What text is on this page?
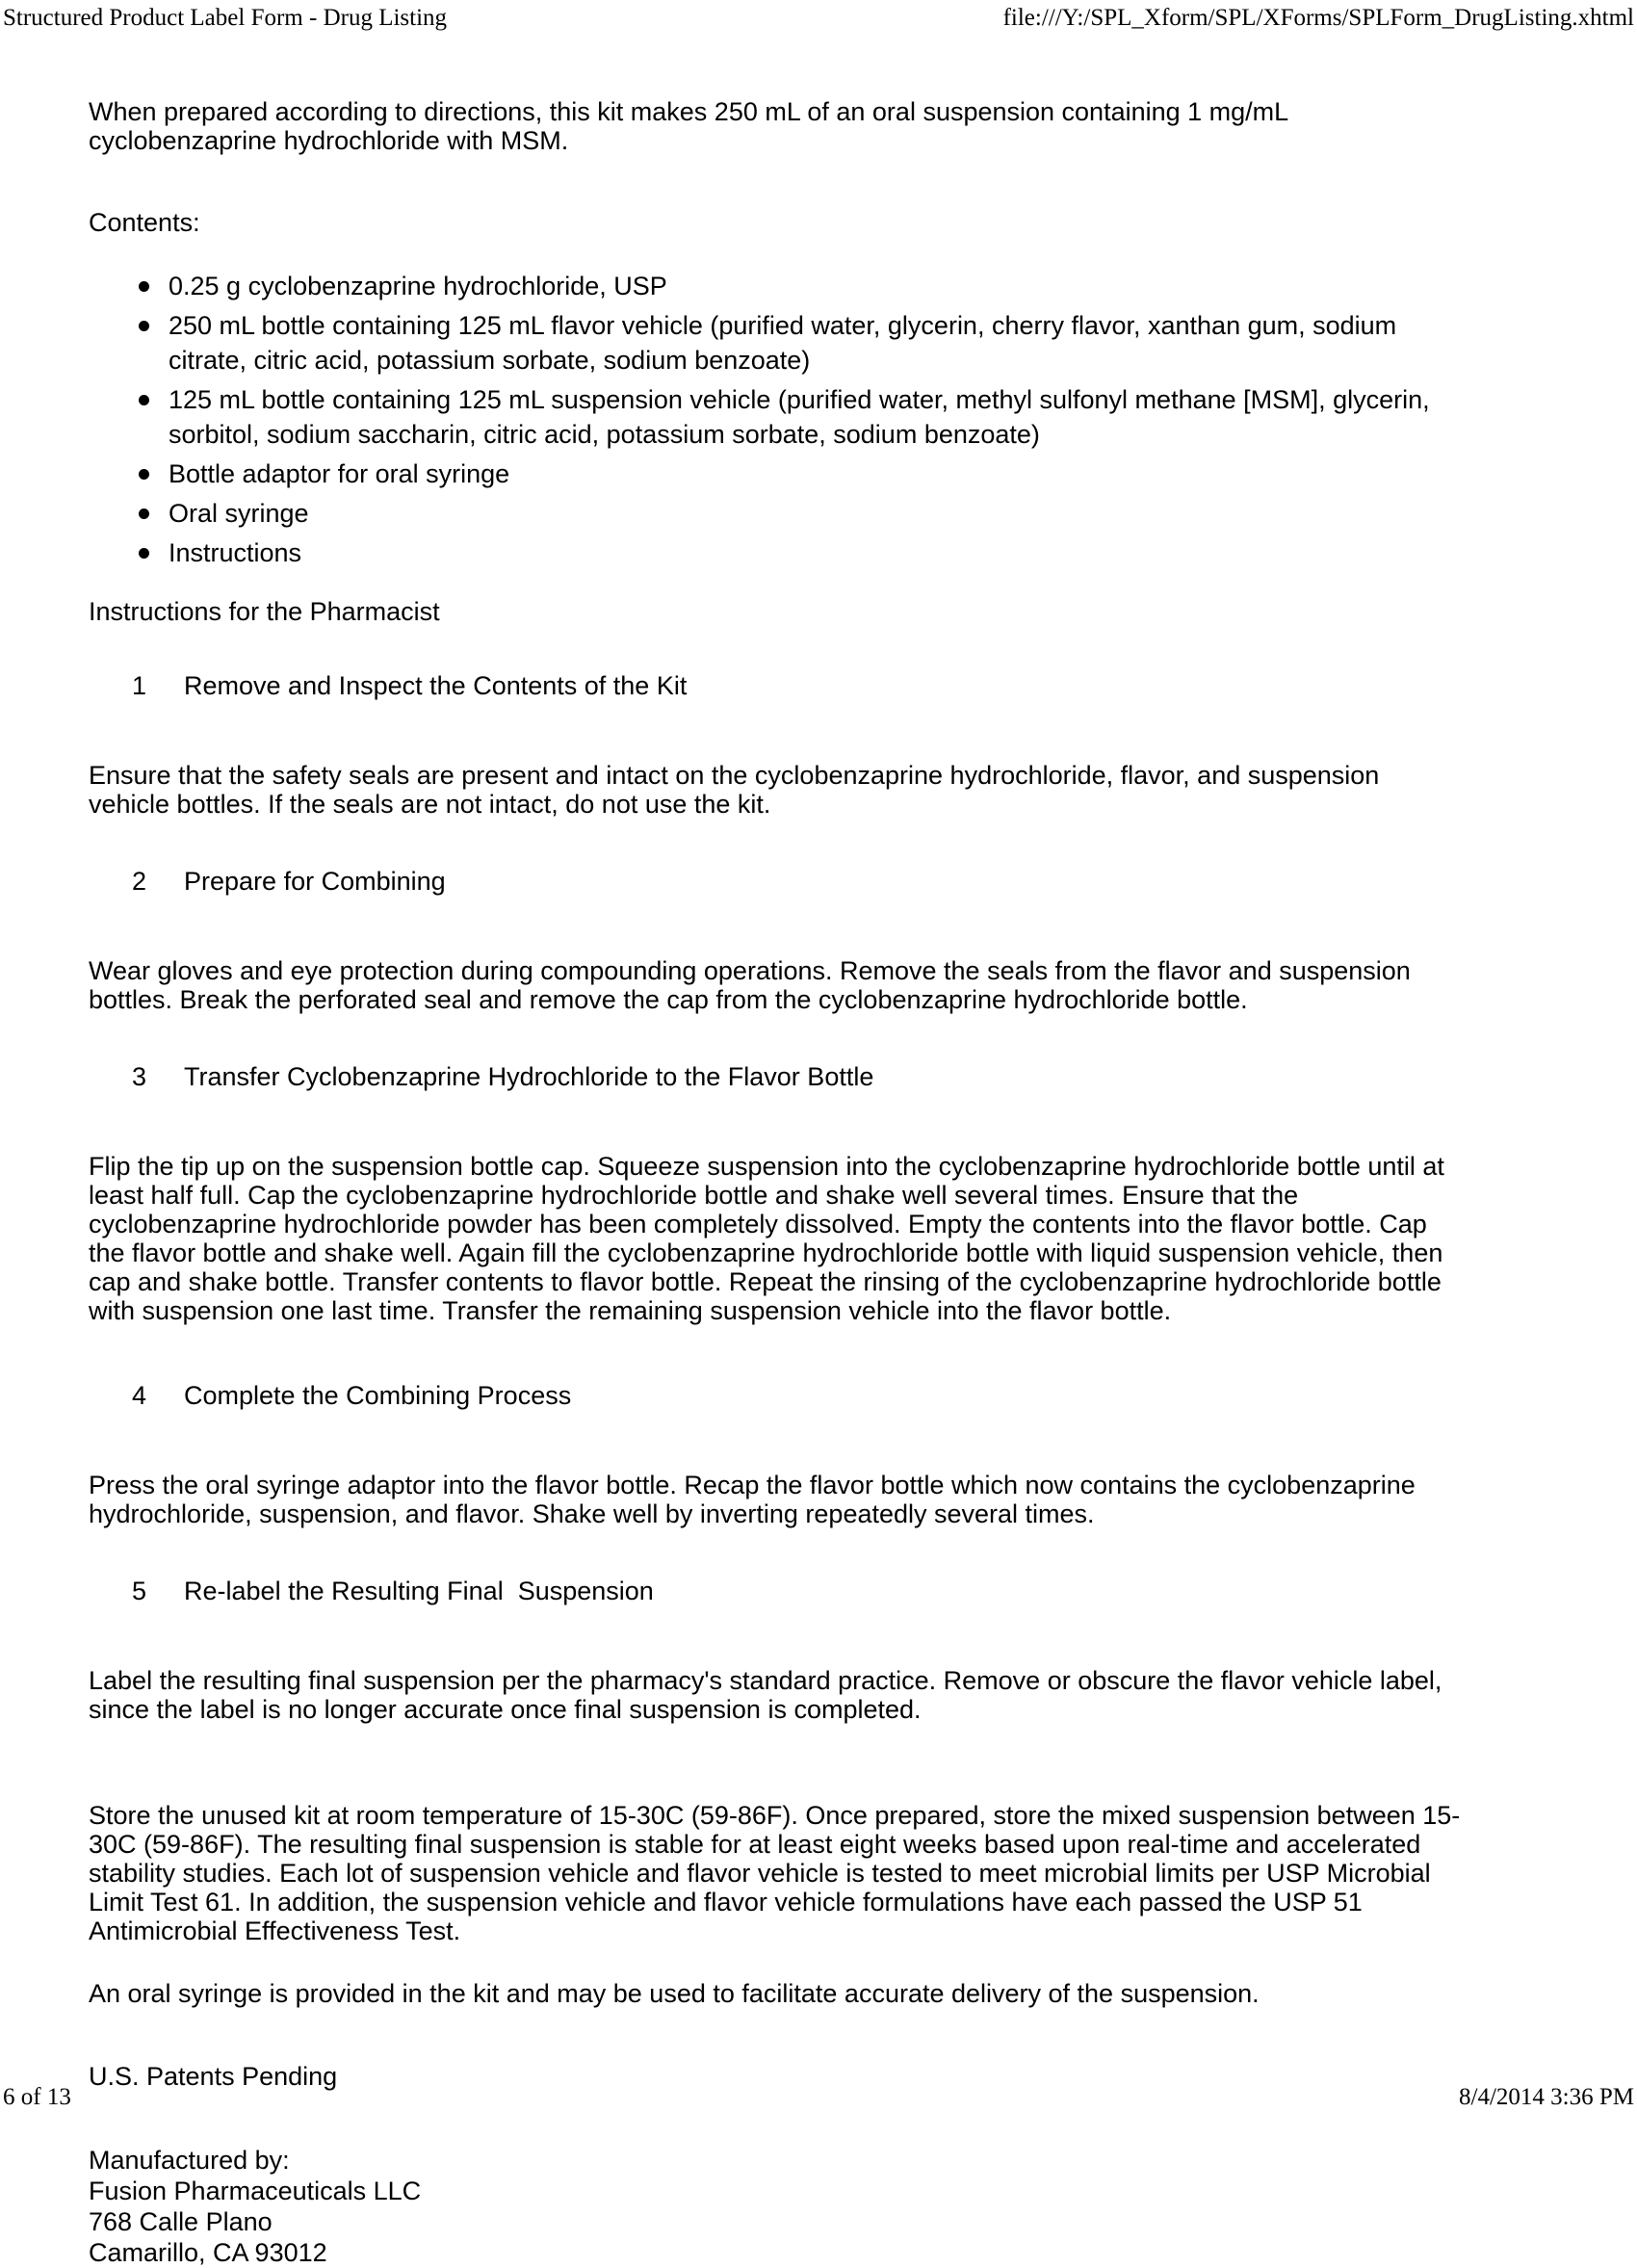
Structured Product Label Form - Drug Listing	file:///Y:/SPL_Xform/SPL/XForms/SPLForm_DrugListing.xhtml

When prepared according to directions, this kit makes 250 mL of an oral suspension containing 1 mg/mL cyclobenzaprine hydrochloride with MSM.

Contents:

0.25 g cyclobenzaprine hydrochloride, USP
250 mL bottle containing 125 mL flavor vehicle (purified water, glycerin, cherry flavor, xanthan gum, sodium citrate, citric acid, potassium sorbate, sodium benzoate)
125 mL bottle containing 125 mL suspension vehicle (purified water, methyl sulfonyl methane [MSM], glycerin, sorbitol, sodium saccharin, citric acid, potassium sorbate, sodium benzoate)
Bottle adaptor for oral syringe
Oral syringe
Instructions

Instructions for the Pharmacist

1 Remove and Inspect the Contents of the Kit

Ensure that the safety seals are present and intact on the cyclobenzaprine hydrochloride, flavor, and suspension vehicle bottles. If the seals are not intact, do not use the kit.

2 Prepare for Combining

Wear gloves and eye protection during compounding operations. Remove the seals from the flavor and suspension bottles. Break the perforated seal and remove the cap from the cyclobenzaprine hydrochloride bottle.

3 Transfer Cyclobenzaprine Hydrochloride to the Flavor Bottle

Flip the tip up on the suspension bottle cap. Squeeze suspension into the cyclobenzaprine hydrochloride bottle until at least half full. Cap the cyclobenzaprine hydrochloride bottle and shake well several times. Ensure that the cyclobenzaprine hydrochloride powder has been completely dissolved. Empty the contents into the flavor bottle. Cap the flavor bottle and shake well. Again fill the cyclobenzaprine hydrochloride bottle with liquid suspension vehicle, then cap and shake bottle. Transfer contents to flavor bottle. Repeat the rinsing of the cyclobenzaprine hydrochloride bottle with suspension one last time. Transfer the remaining suspension vehicle into the flavor bottle.

4 Complete the Combining Process

Press the oral syringe adaptor into the flavor bottle. Recap the flavor bottle which now contains the cyclobenzaprine hydrochloride, suspension, and flavor. Shake well by inverting repeatedly several times.

5 Re-label the Resulting Final  Suspension

Label the resulting final suspension per the pharmacy's standard practice. Remove or obscure the flavor vehicle label, since the label is no longer accurate once final suspension is completed.

Store the unused kit at room temperature of 15-30C (59-86F). Once prepared, store the mixed suspension between 15-30C (59-86F). The resulting final suspension is stable for at least eight weeks based upon real-time and accelerated stability studies. Each lot of suspension vehicle and flavor vehicle is tested to meet microbial limits per USP Microbial Limit Test 61. In addition, the suspension vehicle and flavor vehicle formulations have each passed the USP 51 Antimicrobial Effectiveness Test.

An oral syringe is provided in the kit and may be used to facilitate accurate delivery of the suspension.

U.S. Patents Pending

Manufactured by:
Fusion Pharmaceuticals LLC
768 Calle Plano
Camarillo, CA 93012
6 of 13	8/4/2014 3:36 PM
